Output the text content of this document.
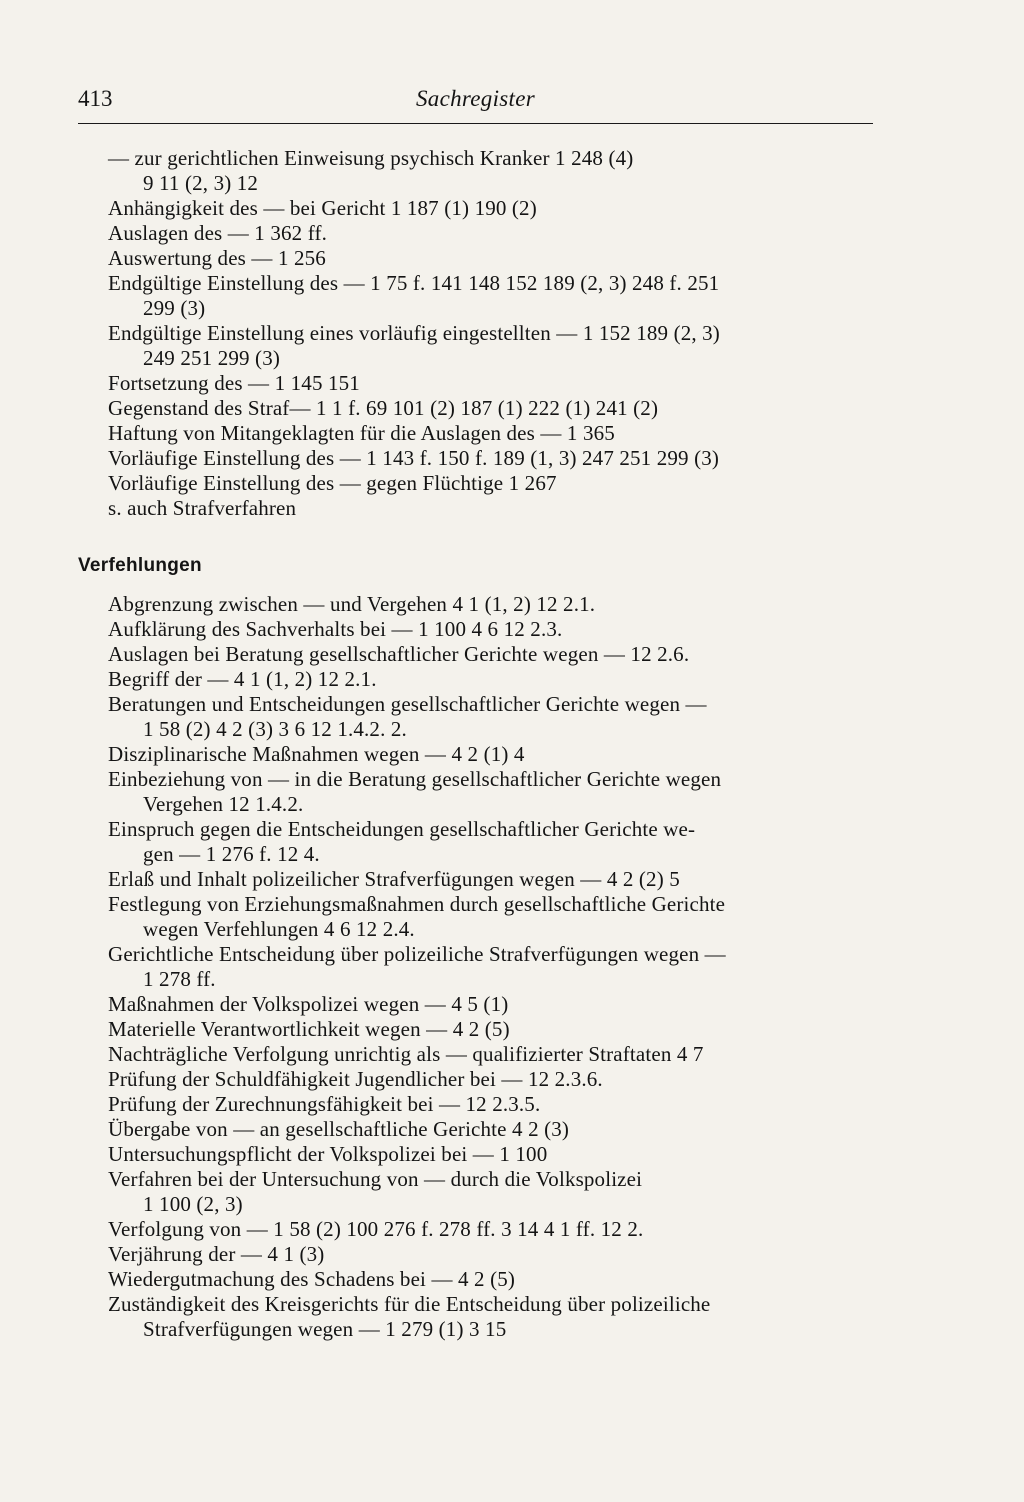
413	Sachregister
— zur gerichtlichen Einweisung psychisch Kranker 1 248 (4)
9 11 (2, 3) 12
Anhängigkeit des — bei Gericht 1 187 (1) 190 (2)
Auslagen des — 1 362 ff.
Auswertung des — 1 256
Endgültige Einstellung des — 1 75 f. 141 148 152 189 (2, 3) 248 f. 251
299 (3)
Endgültige Einstellung eines vorläufig eingestellten — 1 152 189 (2, 3)
249 251 299 (3)
Fortsetzung des — 1 145 151
Gegenstand des Straf— 1 1 f. 69 101 (2) 187 (1) 222 (1) 241 (2)
Haftung von Mitangeklagten für die Auslagen des — 1 365
Vorläufige Einstellung des — 1 143 f. 150 f. 189 (1, 3) 247 251 299 (3)
Vorläufige Einstellung des — gegen Flüchtige 1 267
s. auch Strafverfahren
Verfehlungen
Abgrenzung zwischen — und Vergehen 4 1 (1, 2) 12 2.1.
Aufklärung des Sachverhalts bei — 1 100 4 6 12 2.3.
Auslagen bei Beratung gesellschaftlicher Gerichte wegen — 12 2.6.
Begriff der — 4 1 (1, 2) 12 2.1.
Beratungen und Entscheidungen gesellschaftlicher Gerichte wegen —
1 58 (2) 4 2 (3) 3 6 12 1.4.2. 2.
Disziplinarische Maßnahmen wegen — 4 2 (1) 4
Einbeziehung von — in die Beratung gesellschaftlicher Gerichte wegen
Vergehen 12 1.4.2.
Einspruch gegen die Entscheidungen gesellschaftlicher Gerichte we-
gen — 1 276 f. 12 4.
Erlaß und Inhalt polizeilicher Strafverfügungen wegen — 4 2 (2) 5
Festlegung von Erziehungsmaßnahmen durch gesellschaftliche Gerichte
wegen Verfehlungen 4 6 12 2.4.
Gerichtliche Entscheidung über polizeiliche Strafverfügungen wegen —
1 278 ff.
Maßnahmen der Volkspolizei wegen — 4 5 (1)
Materielle Verantwortlichkeit wegen — 4 2 (5)
Nachträgliche Verfolgung unrichtig als — qualifizierter Straftaten 4 7
Prüfung der Schuldfähigkeit Jugendlicher bei — 12 2.3.6.
Prüfung der Zurechnungsfähigkeit bei — 12 2.3.5.
Übergabe von — an gesellschaftliche Gerichte 4 2 (3)
Untersuchungspflicht der Volkspolizei bei — 1 100
Verfahren bei der Untersuchung von — durch die Volkspolizei
1 100 (2, 3)
Verfolgung von — 1 58 (2) 100 276 f. 278 ff. 3 14 4 1 ff. 12 2.
Verjährung der — 4 1 (3)
Wiedergutmachung des Schadens bei — 4 2 (5)
Zuständigkeit des Kreisgerichts für die Entscheidung über polizeiliche
Strafverfügungen wegen — 1 279 (1) 3 15
